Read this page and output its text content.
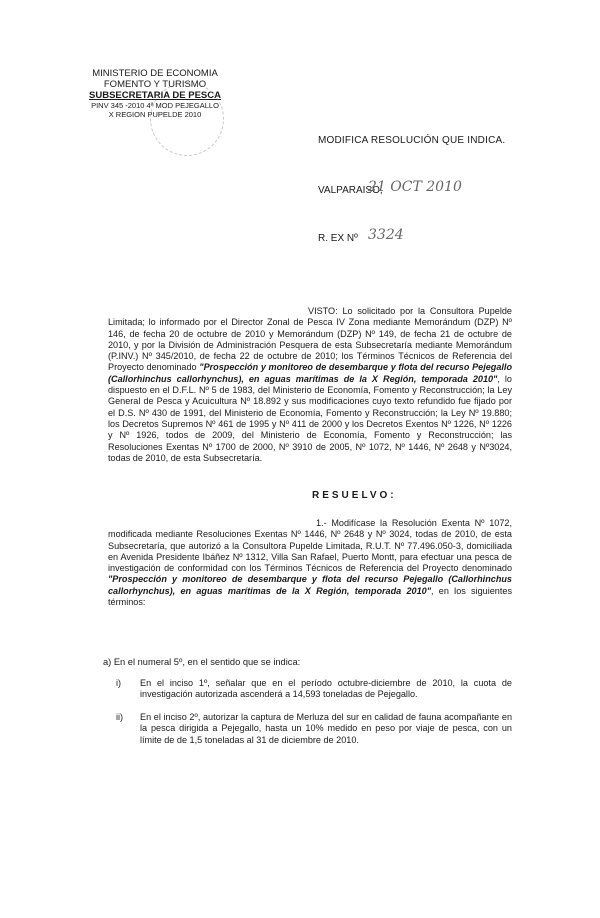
MINISTERIO DE ECONOMIA
FOMENTO Y TURISMO
SUBSECRETARIA DE PESCA
PINV 345 -2010 4ª MOD PEJEGALLO
X REGION PUPELDE 2010
MODIFICA RESOLUCIÓN QUE INDICA.
VALPARAISO,
21 OCT 2010
R. EX Nº 3324
VISTO: Lo solicitado por la Consultora Pupelde Limitada; lo informado por el Director Zonal de Pesca IV Zona mediante Memorándum (DZP) Nº 146, de fecha 20 de octubre de 2010 y Memorándum (DZP) Nº 149, de fecha 21 de octubre de 2010, y por la División de Administración Pesquera de esta Subsecretaría mediante Memorándum (P.INV.) Nº 345/2010, de fecha 22 de octubre de 2010; los Términos Técnicos de Referencia del Proyecto denominado "Prospección y monitoreo de desembarque y flota del recurso Pejegallo (Callorhinchus callorhynchus), en aguas marítimas de la X Región, temporada 2010", lo dispuesto en el D.F.L. Nº 5 de 1983, del Ministerio de Economía, Fomento y Reconstrucción; la Ley General de Pesca y Acuicultura Nº 18.892 y sus modificaciones cuyo texto refundido fue fijado por el D.S. Nº 430 de 1991, del Ministerio de Economía, Fomento y Reconstrucción; la Ley Nº 19.880; los Decretos Supremos Nº 461 de 1995 y Nº 411 de 2000 y los Decretos Exentos Nº 1226, Nº 1226 y Nº 1926, todos de 2009, del Ministerio de Economía, Fomento y Reconstrucción; las Resoluciones Exentas Nº 1700 de 2000, Nº 3910 de 2005, Nº 1072, Nº 1446, Nº 2648 y Nº3024, todas de 2010, de esta Subsecretaría.
RESUELVO:
1.- Modifícase la Resolución Exenta Nº 1072, modificada mediante Resoluciones Exentas Nº 1446, Nº 2648 y Nº 3024, todas de 2010, de esta Subsecretaría, que autorizó a la Consultora Pupelde Limitada, R.U.T. Nº 77.496.050-3, domiciliada en Avenida Presidente Ibáñez Nº 1312, Villa San Rafael, Puerto Montt, para efectuar una pesca de investigación de conformidad con los Términos Técnicos de Referencia del Proyecto denominado "Prospección y monitoreo de desembarque y flota del recurso Pejegallo (Callorhinchus callorhynchus), en aguas marítimas de la X Región, temporada 2010", en los siguientes términos:
a) En el numeral 5º, en el sentido que se indica:
i)	En el inciso 1º, señalar que en el período octubre-diciembre de 2010, la cuota de investigación autorizada ascenderá a 14,593 toneladas de Pejegallo.
ii)	En el inciso 2º, autorizar la captura de Merluza del sur en calidad de fauna acompañante en la pesca dirigida a Pejegallo, hasta un 10% medido en peso por viaje de pesca, con un límite de de 1,5 toneladas al 31 de diciembre de 2010.
